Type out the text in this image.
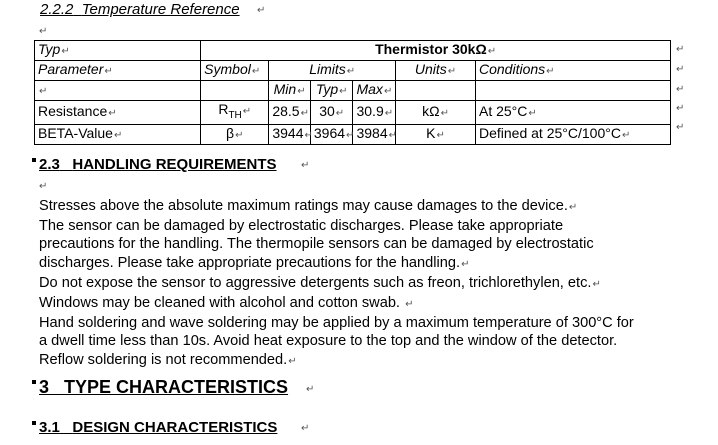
2.2.2 Temperature Reference ↵
↵
Typ↵	Thermistor 30kΩ↵					
Parameter↵	Symbol↵	Limits↵			Units↵	Conditions↵
↵		Min↵	Typ↵	Max↵		
Resistance↵	$R_{TH}↵$	28.5↵	30↵	30.9↵	kΩ↵	At 25°C↵
BETA-Value↵	β↵	3944↵	3964↵	3984↵	K↵	Defined at 25°C/100°C↵
↵
↵
↵
↵
↵
2.3 HANDLING REQUIREMENTS ↵
↵
Stresses above the absolute maximum ratings may cause damages to the device.↵
The sensor can be damaged by electrostatic discharges. Please take appropriate
precautions for the handling. The thermopile sensors can be damaged by electrostatic
discharges. Please take appropriate precautions for the handling.↵
Do not expose the sensor to aggressive detergents such as freon, trichlorethylen, etc.↵
Windows may be cleaned with alcohol and cotton swab. ↵
Hand soldering and wave soldering may be applied by a maximum temperature of 300°C for
a dwell time less than 10s. Avoid heat exposure to the top and the window of the detector.
Reflow soldering is not recommended.↵
3 TYPE CHARACTERISTICS ↵
3.1 DESIGN CHARACTERISTICS ↵
